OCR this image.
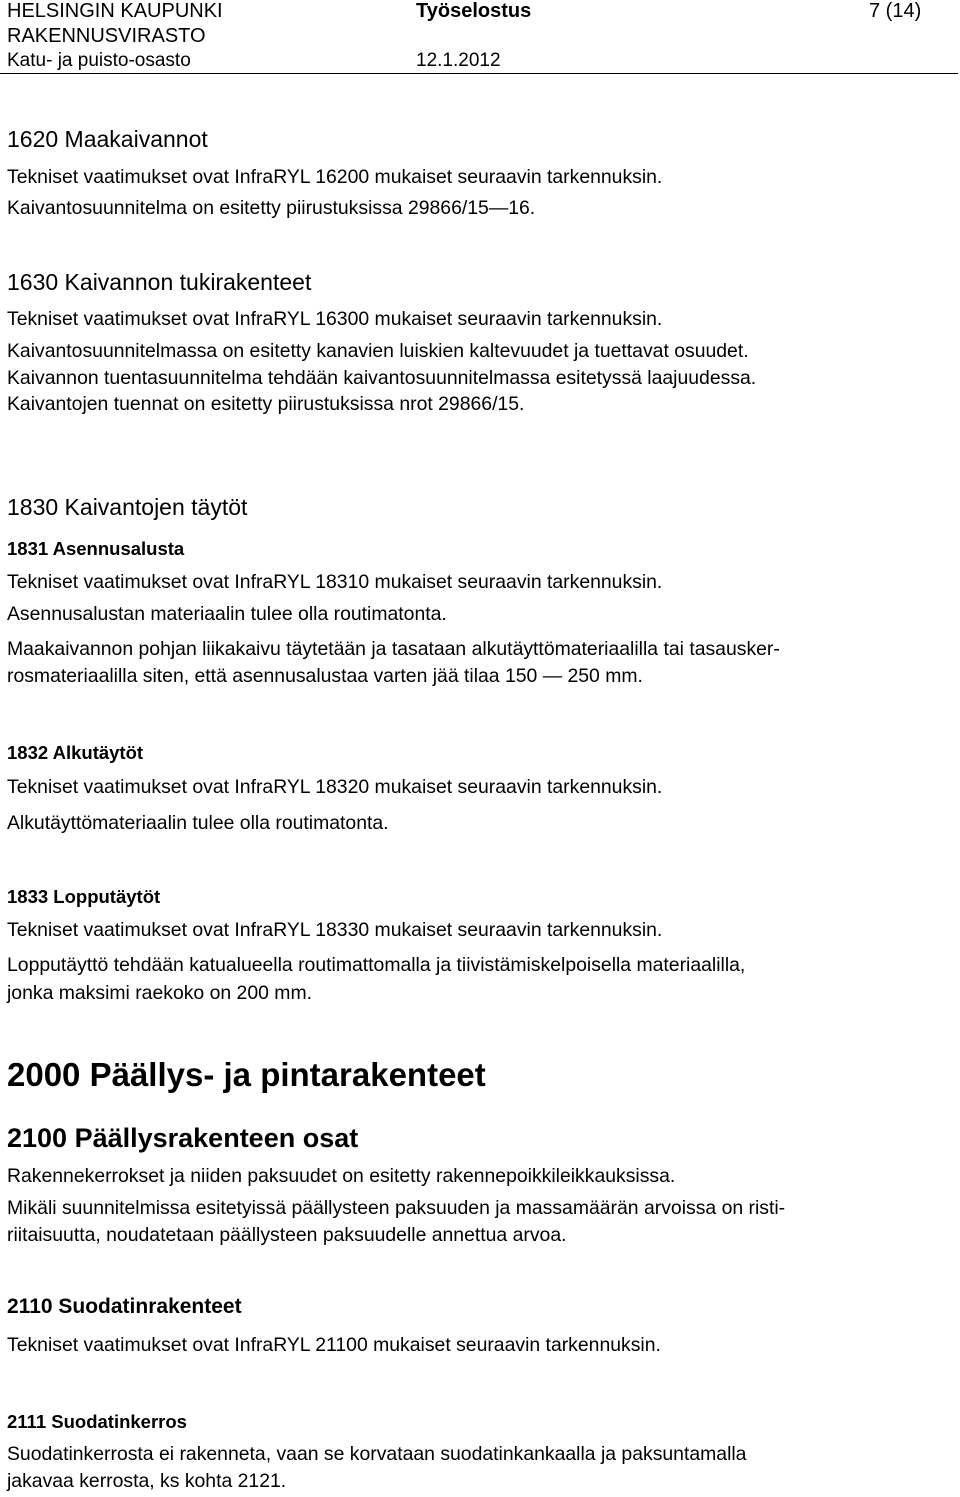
HELSINGIN KAUPUNKI
RAKENNUSVIRASTO
Katu- ja puisto-osasto
Työselostus
12.1.2012
7 (14)
1620 Maakaivannot
Tekniset vaatimukset ovat InfraRYL 16200 mukaiset seuraavin tarkennuksin.
Kaivantosuunnitelma on esitetty piirustuksissa 29866/15—16.
1630 Kaivannon tukirakenteet
Tekniset vaatimukset ovat InfraRYL 16300 mukaiset seuraavin tarkennuksin.
Kaivantosuunnitelmassa on esitetty kanavien luiskien kaltevuudet ja tuettavat osuudet.
Kaivannon tuentasuunnitelma tehdään kaivantosuunnitelmassa esitetyssä laajuudessa.
Kaivantojen tuennat on esitetty piirustuksissa nrot 29866/15.
1830 Kaivantojen täytöt
1831 Asennusalusta
Tekniset vaatimukset ovat InfraRYL 18310 mukaiset seuraavin tarkennuksin.
Asennusalustan materiaalin tulee olla routimatonta.
Maakaivannon pohjan liikakaivu täytetään ja tasataan alkutäyttömateriaalilla tai tasausker-
rosmateriaalilla siten, että asennusalustaa varten jää tilaa 150 — 250 mm.
1832 Alkutäytöt
Tekniset vaatimukset ovat InfraRYL 18320 mukaiset seuraavin tarkennuksin.
Alkutäyttömateriaalin tulee olla routimatonta.
1833 Lopputäytöt
Tekniset vaatimukset ovat InfraRYL 18330 mukaiset seuraavin tarkennuksin.
Lopputäyttö tehdään katualueella routimattomalla ja tiivistämiskelpoisella materiaalilla,
jonka maksimi raekoko on 200 mm.
2000 Päällys- ja pintarakenteet
2100 Päällysrakenteen osat
Rakennekerrokset ja niiden paksuudet on esitetty rakennepoikkileikkauksissa.
Mikäli suunnitelmissa esitetyissä päällysteen paksuuden ja massamäärän arvoissa on risti-
riitaisuutta, noudatetaan päällysteen paksuudelle annettua arvoa.
2110 Suodatinrakenteet
Tekniset vaatimukset ovat InfraRYL 21100 mukaiset seuraavin tarkennuksin.
2111 Suodatinkerros
Suodatinkerrosta ei rakenneta, vaan se korvataan suodatinkankaalla ja paksuntamalla
jakavaa kerrosta, ks kohta 2121.
